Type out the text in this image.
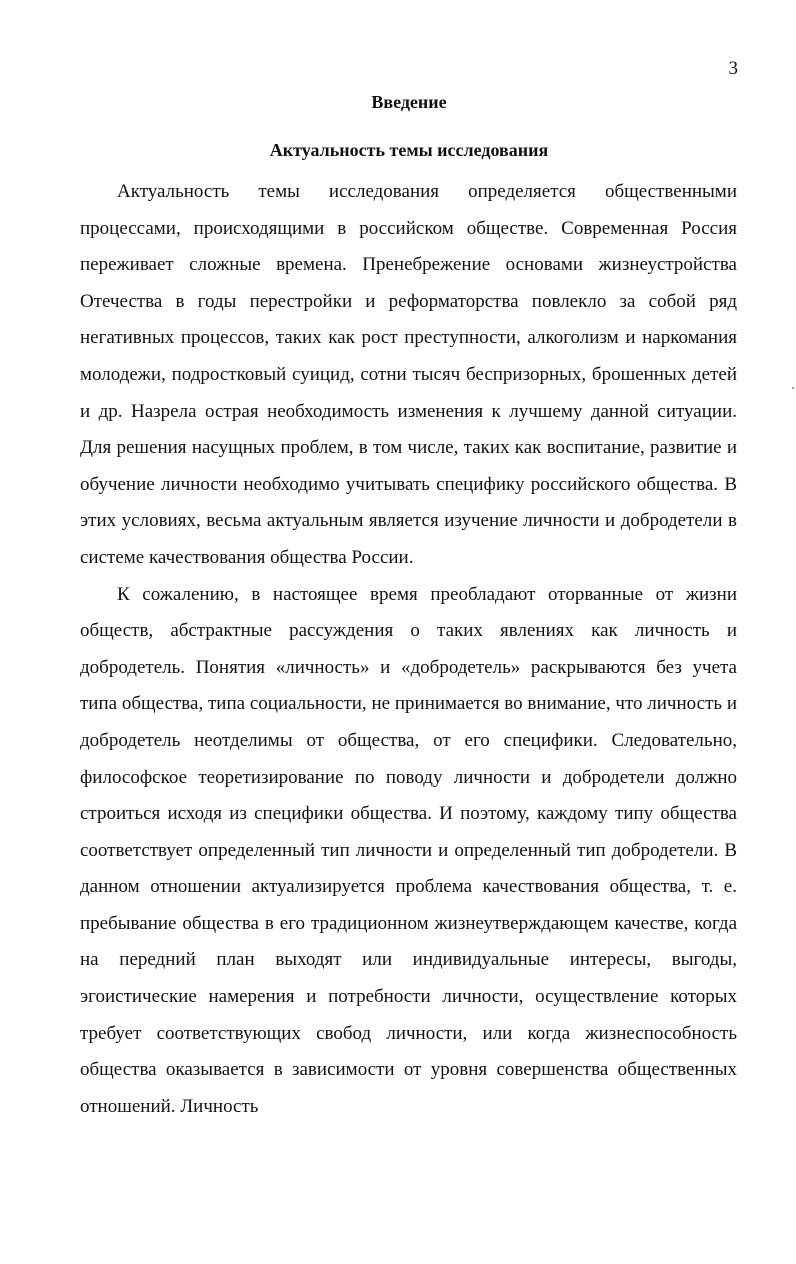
3
Введение
Актуальность темы исследования

Актуальность темы исследования определяется общественными процессами, происходящими в российском обществе. Современная Россия переживает сложные времена. Пренебрежение основами жизнеустройства Отечества в годы перестройки и реформаторства повлекло за собой ряд негативных процессов, таких как рост преступности, алкоголизм и наркомания молодежи, подростковый суицид, сотни тысяч беспризорных, брошенных детей и др. Назрела острая необходимость изменения к лучшему данной ситуации. Для решения насущных проблем, в том числе, таких как воспитание, развитие и обучение личности необходимо учитывать специфику российского общества. В этих условиях, весьма актуальным является изучение личности и добродетели в системе качествования общества России.

К сожалению, в настоящее время преобладают оторванные от жизни обществ, абстрактные рассуждения о таких явлениях как личность и добродетель. Понятия «личность» и «добродетель» раскрываются без учета типа общества, типа социальности, не принимается во внимание, что личность и добродетель неотделимы от общества, от его специфики. Следовательно, философское теоретизирование по поводу личности и добродетели должно строиться исходя из специфики общества. И поэтому, каждому типу общества соответствует определенный тип личности и определенный тип добродетели. В данном отношении актуализируется проблема качествования общества, т. е. пребывание общества в его традиционном жизнеутверждающем качестве, когда на передний план выходят или индивидуальные интересы, выгоды, эгоистические намерения и потребности личности, осуществление которых требует соответствующих свобод личности, или когда жизнеспособность общества оказывается в зависимости от уровня совершенства общественных отношений. Личность
